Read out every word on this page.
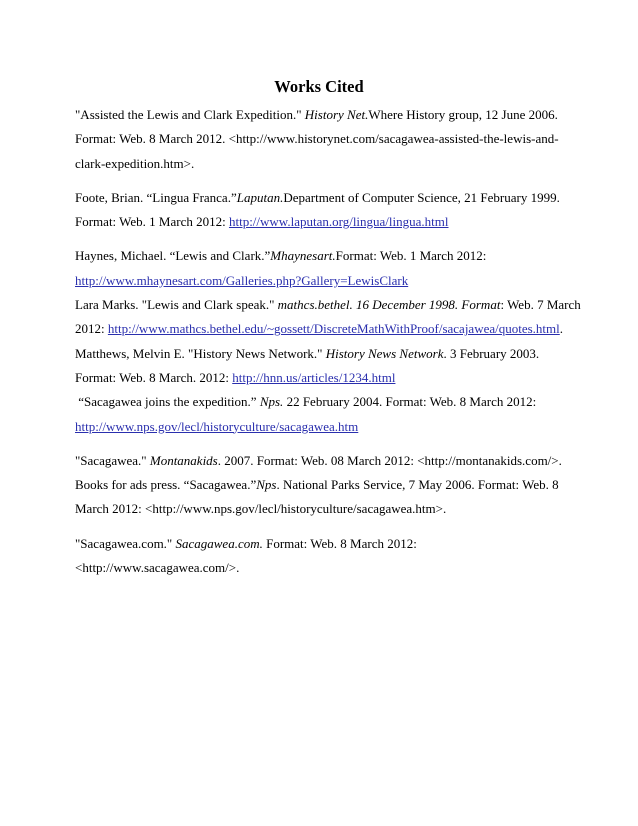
Works Cited
"Assisted the Lewis and Clark Expedition." History Net.Where History group, 12 June 2006.
Format: Web. 8 March 2012. <http://www.historynet.com/sacagawea-assisted-the-lewis-and-
clark-expedition.htm>.
Foote, Brian. “Lingua Franca.”Laputan.Department of Computer Science, 21 February 1999.
Format: Web. 1 March 2012: http://www.laputan.org/lingua/lingua.html
Haynes, Michael. “Lewis and Clark.”Mhaynesart.Format: Web. 1 March 2012:
http://www.mhaynesart.com/Galleries.php?Gallery=LewisClark
Lara Marks. "Lewis and Clark speak." mathcs.bethel. 16 December 1998. Format: Web. 7 March
2012: http://www.mathcs.bethel.edu/~gossett/DiscreteMathWithProof/sacajawea/quotes.html.
Matthews, Melvin E. "History News Network." History News Network. 3 February 2003.
Format: Web. 8 March. 2012: http://hnn.us/articles/1234.html
“Sacagawea joins the expedition.” Nps. 22 February 2004. Format: Web. 8 March 2012:
http://www.nps.gov/lecl/historyculture/sacagawea.htm
"Sacagawea." Montanakids. 2007. Format: Web. 08 March 2012: <http://montanakids.com/>.
Books for ads press. “Sacagawea.”Nps. National Parks Service, 7 May 2006. Format: Web. 8
March 2012: <http://www.nps.gov/lecl/historyculture/sacagawea.htm>.
"Sacagawea.com." Sacagawea.com. Format: Web. 8 March 2012:
<http://www.sacagawea.com/>.
